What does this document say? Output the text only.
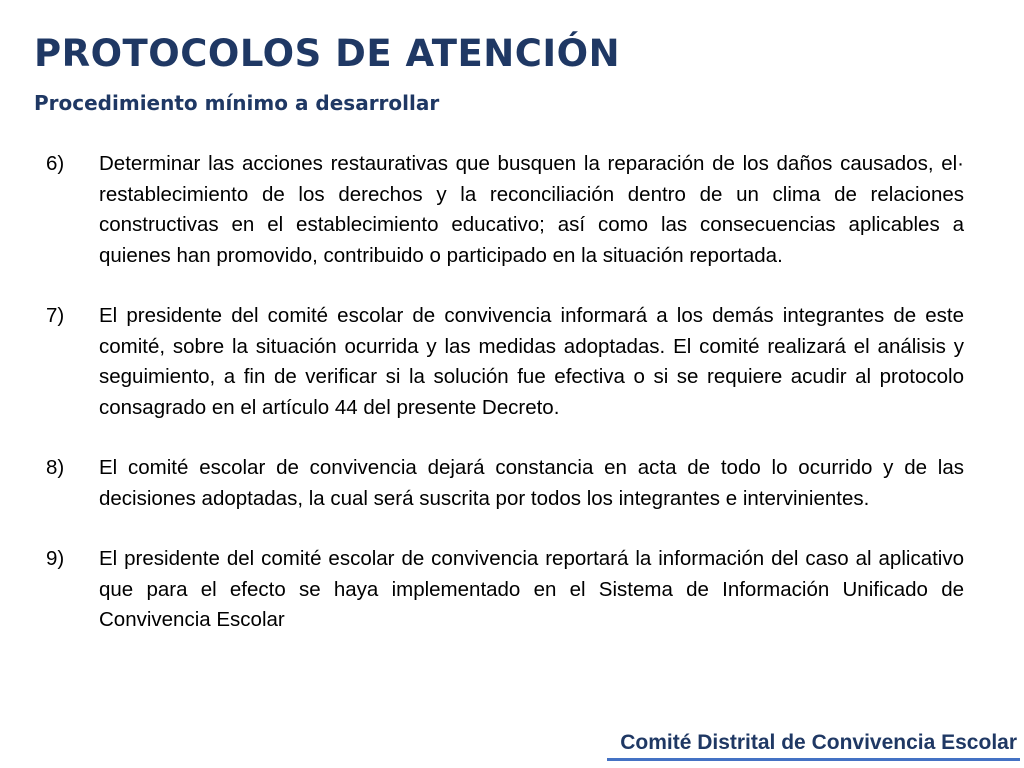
PROTOCOLOS DE ATENCIÓN
Procedimiento mínimo a desarrollar
6)	Determinar las acciones restaurativas que busquen la reparación de los daños causados, el· restablecimiento de los derechos y la reconciliación dentro de un clima de relaciones constructivas en el establecimiento educativo; así como las consecuencias aplicables a quienes han promovido, contribuido o participado en la situación reportada.

7)	El presidente del comité escolar de convivencia informará a los demás integrantes de este comité, sobre la situación ocurrida y las medidas adoptadas. El comité realizará el análisis y seguimiento, a fin de verificar si la solución fue efectiva o si se requiere acudir al protocolo consagrado en el artículo 44 del presente Decreto.

8)	El comité escolar de convivencia dejará constancia en acta de todo lo ocurrido y de las decisiones adoptadas, la cual será suscrita por todos los integrantes e intervinientes.

9)	El presidente del comité escolar de convivencia reportará la información del caso al aplicativo que para el efecto se haya implementado en el Sistema de Información Unificado de Convivencia Escolar

Comité Distrital de Convivencia Escolar
